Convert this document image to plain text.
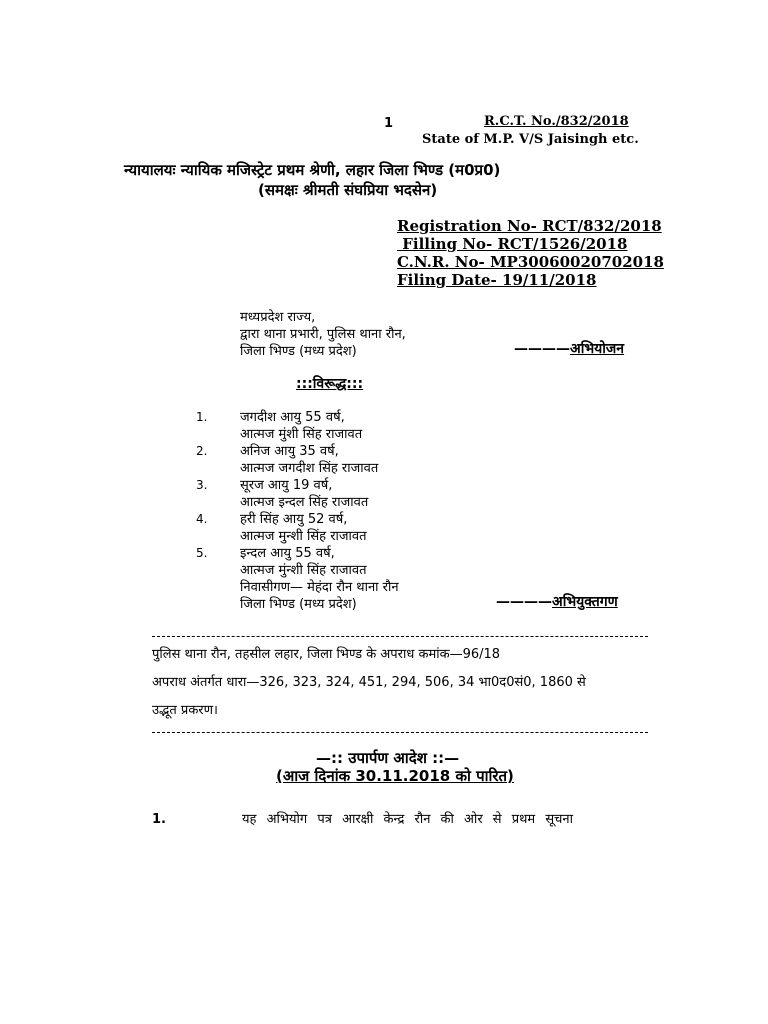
1	R.C.T. No./832/2018
State of M.P. V/S Jaisingh etc.
न्यायालयः न्यायिक मजिस्ट्रेट प्रथम श्रेणी, लहार जिला भिण्ड (म0प्र0)
(समक्षः श्रीमती संघप्रिया भदसेन)
Registration No- RCT/832/2018
Filling No- RCT/1526/2018
C.N.R. No- MP30060020702018
Filing Date- 19/11/2018
मध्यप्रदेश राज्य,
द्वारा थाना प्रभारी, पुलिस थाना रौन,
जिला भिण्ड (मध्य प्रदेश)	————अभियोजन
:::विरूद्ध:::
1.	जगदीश आयु 55 वर्ष,
आत्मज मुंशी सिंह राजावत
2.	अनिज आयु 35 वर्ष,
आत्मज जगदीश सिंह राजावत
3.	सूरज आयु 19 वर्ष,
आत्मज इन्दल सिंह राजावत
4.	हरी सिंह आयु 52 वर्ष,
आत्मज मुन्शी सिंह राजावत
5.	इन्दल आयु 55 वर्ष,
आत्मज मुंन्शी सिंह राजावत
निवासीगण— मेहंदा रौन थाना रौन
जिला भिण्ड (मध्य प्रदेश)	————अभियुक्तगण
पुलिस थाना रौन, तहसील लहार, जिला भिण्ड के अपराध कमांक—96/18
अपराध अंतर्गत धारा—326, 323, 324, 451, 294, 506, 34 भा0द0सं0, 1860 से
उद्भूत प्रकरण।
—:: उपार्पण आदेश ::—
(आज दिनांक 30.11.2018 को पारित)
1.	यह अभियोग पत्र आरक्षी केन्द्र रौन की ओर से प्रथम सूचना
